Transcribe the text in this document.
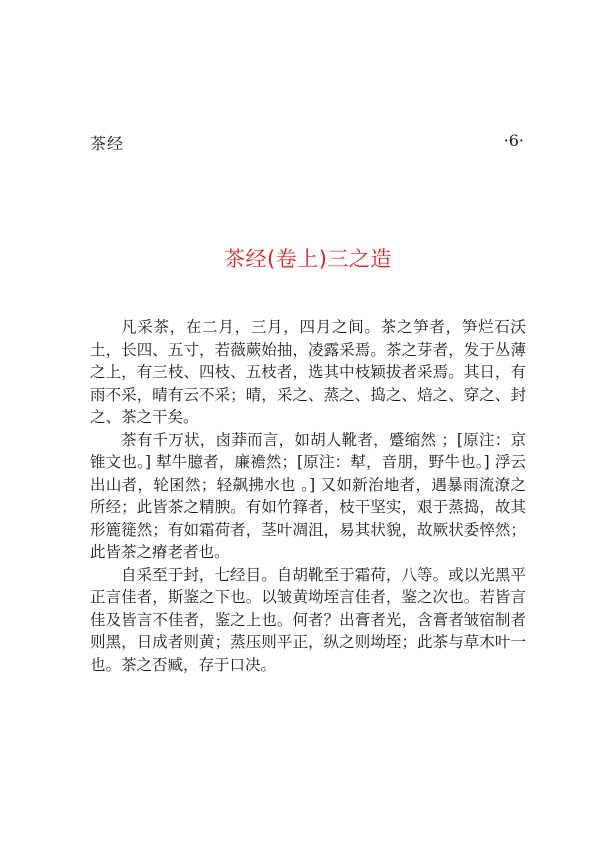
茶经	·6·
茶经(卷上)三之造

凡采茶，在二月，三月，四月之间。茶之笋者，笋烂石沃土，长四、五寸，若薇蕨始抽，凌露采焉。茶之芽者，发于丛薄之上，有三枝、四枝、五枝者，选其中枝颖拔者采焉。其日，有雨不采，晴有云不采；晴，采之、蒸之、捣之、焙之、穿之、封之、茶之干矣。

茶有千万状，卤莽而言，如胡人靴者，蹙缩然 ；[原注：京锥文也。] 犎牛臆者，廉襜然；[原注：犎，音朋，野牛也。] 浮云出山者，轮囷然；轻飙拂水也 。] 又如新治地者，遇暴雨流潦之所经；此皆茶之精腴。有如竹箨者，枝干坚实，艰于蒸捣，故其形簏簁然；有如霜荷者，茎叶凋沮，易其状貌，故厥状委悴然；此皆茶之瘠老者也。

自采至于封，七经目。自胡靴至于霜荷，八等。或以光黑平正言佳者，斯鉴之下也。以皱黄坳垤言佳者，鉴之次也。若皆言佳及皆言不佳者，鉴之上也。何者？出膏者光，含膏者皱宿制者则黑，日成者则黄；蒸压则平正，纵之则坳垤；此茶与草木叶一也。茶之否臧，存于口决。
